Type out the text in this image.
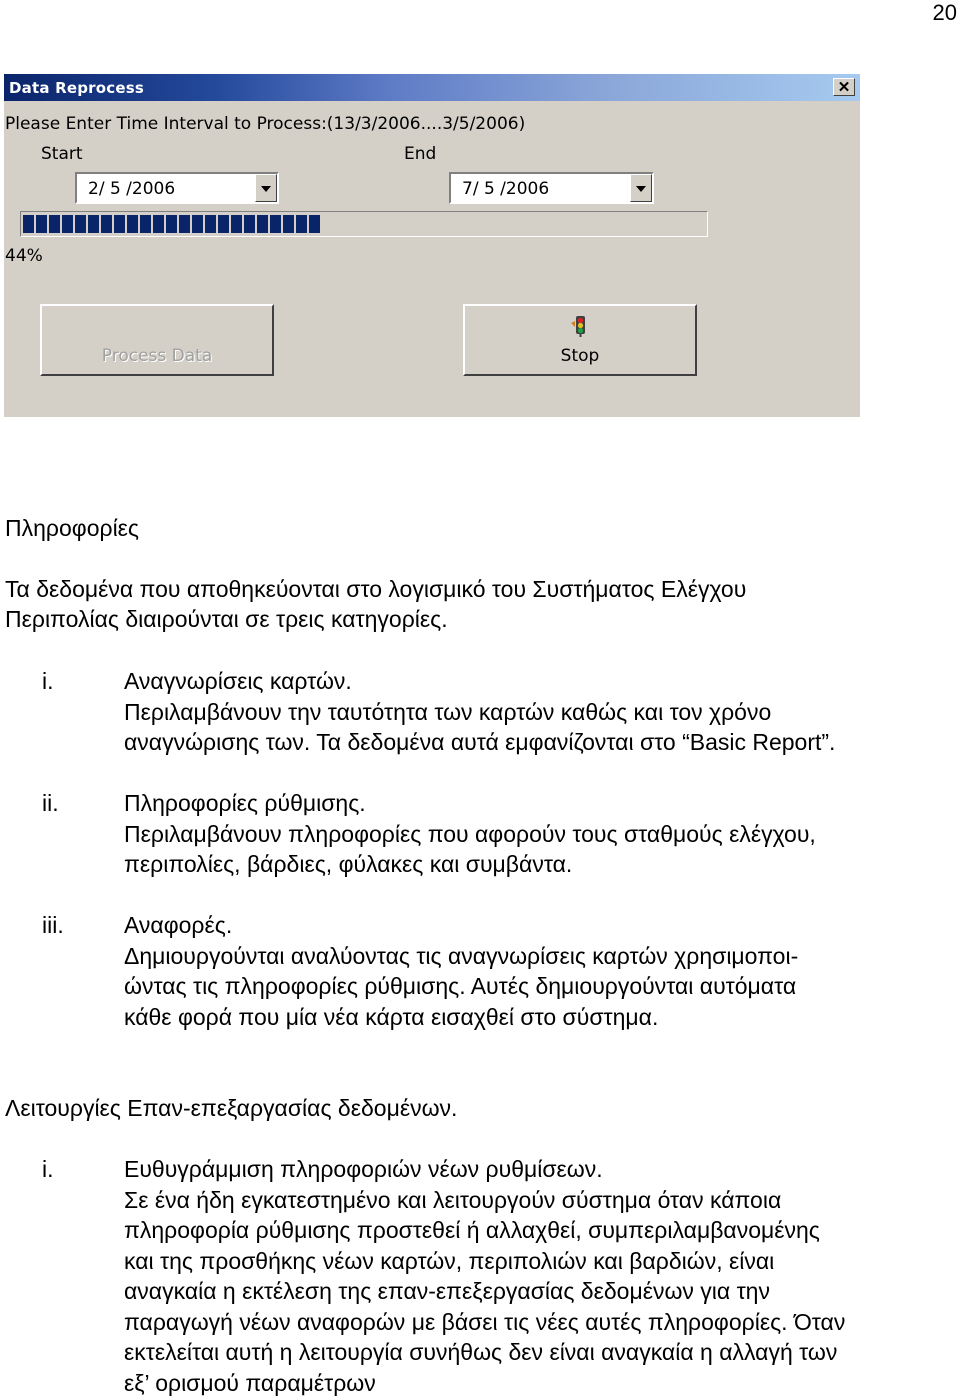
20
Data Reprocess	✕
Please Enter Time Interval to Process:(13/3/2006....3/5/2006)
Start	End
2/ 5 /2006	7/ 5 /2006
44%
Process Data	Stop
Πληροφορίες
Τα δεδομένα που αποθηκεύονται στο λογισμικό του Συστήματος Ελέγχου
Περιπολίας διαιρούνται σε τρεις κατηγορίες.
i.	Αναγνωρίσεις καρτών.
Περιλαμβάνουν την ταυτότητα των καρτών καθώς και τον χρόνο
αναγνώρισης των. Τα δεδομένα αυτά εμφανίζονται στο “Basic Report”.
ii.	Πληροφορίες ρύθμισης.
Περιλαμβάνουν πληροφορίες που αφορούν τους σταθμούς ελέγχου,
περιπολίες, βάρδιες, φύλακες και συμβάντα.
iii.	Αναφορές.
Δημιουργούνται αναλύοντας τις αναγνωρίσεις καρτών χρησιμοποι-
ώντας τις πληροφορίες ρύθμισης. Αυτές δημιουργούνται αυτόματα
κάθε φορά που μία νέα κάρτα εισαχθεί στο σύστημα.
Λειτουργίες Επαν-επεξαργασίας δεδομένων.
i.	Ευθυγράμμιση πληροφοριών νέων ρυθμίσεων.
Σε ένα ήδη εγκατεστημένο και λειτουργούν σύστημα όταν κάποια
πληροφορία ρύθμισης προστεθεί ή αλλαχθεί, συμπεριλαμβανομένης
και της προσθήκης νέων καρτών, περιπολιών και βαρδιών, είναι
αναγκαία η εκτέλεση της επαν-επεξεργασίας δεδομένων για την
παραγωγή νέων αναφορών με βάσει τις νέες αυτές πληροφορίες. Όταν
εκτελείται αυτή η λειτουργία συνήθως δεν είναι αναγκαία η αλλαγή των
εξ’ ορισμού παραμέτρων
